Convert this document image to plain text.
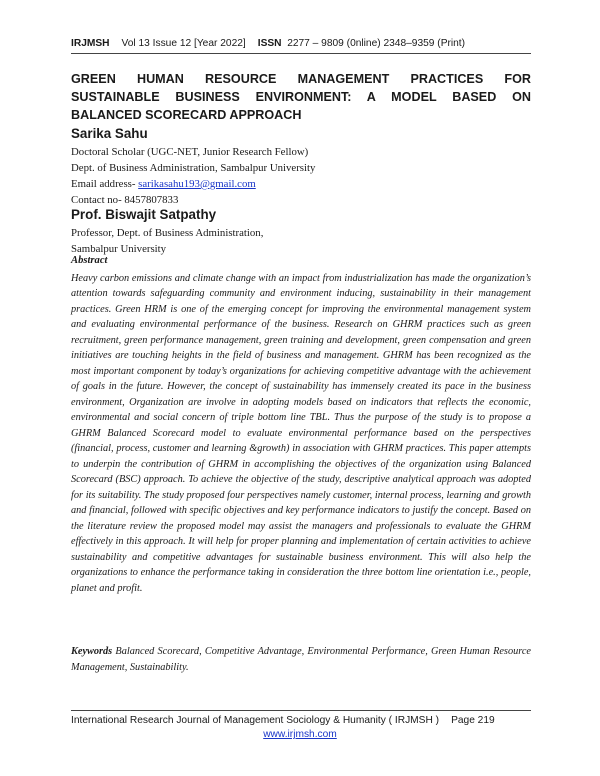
IRJMSH Vol 13 Issue 12 [Year 2022] ISSN 2277 – 9809 (0nline) 2348–9359 (Print)
GREEN HUMAN RESOURCE MANAGEMENT PRACTICES FOR SUSTAINABLE BUSINESS ENVIRONMENT: A MODEL BASED ON BALANCED SCORECARD APPROACH
Sarika Sahu
Doctoral Scholar (UGC-NET, Junior Research Fellow)
Dept. of Business Administration, Sambalpur University
Email address- sarikasahu193@gmail.com
Contact no- 8457807833
Prof. Biswajit Satpathy
Professor, Dept. of Business Administration,
Sambalpur University
Abstract

Heavy carbon emissions and climate change with an impact from industrialization has made the organization’s attention towards safeguarding community and environment inducing, sustainability in their management practices. Green HRM is one of the emerging concept for improving the environmental management system and evaluating environmental performance of the business. Research on GHRM practices such as green recruitment, green performance management, green training and development, green compensation and green initiatives are touching heights in the field of business and management. GHRM has been recognized as the most important component by today’s organizations for achieving competitive advantage with the achievement of goals in the future. However, the concept of sustainability has immensely created its pace in the business environment, Organization are involve in adopting models based on indicators that reflects the economic, environmental and social concern of triple bottom line TBL. Thus the purpose of the study is to propose a GHRM Balanced Scorecard model to evaluate environmental performance based on the perspectives (financial, process, customer and learning &growth) in association with GHRM practices. This paper attempts to underpin the contribution of GHRM in accomplishing the objectives of the organization using Balanced Scorecard (BSC) approach. To achieve the objective of the study, descriptive analytical approach was adopted for its suitability. The study proposed four perspectives namely customer, internal process, learning and growth and financial, followed with specific objectives and key performance indicators to justify the concept. Based on the literature review the proposed model may assist the managers and professionals to evaluate the GHRM effectively in this approach. It will help for proper planning and implementation of certain activities to achieve sustainability and competitive advantages for sustainable business environment. This will also help the organizations to enhance the performance taking in consideration the three bottom line orientation i.e., people, planet and profit.

Keywords Balanced Scorecard, Competitive Advantage, Environmental Performance, Green Human Resource Management, Sustainability.

International Research Journal of Management Sociology & Humanity ( IRJMSH ) Page 219
www.irjmsh.com
